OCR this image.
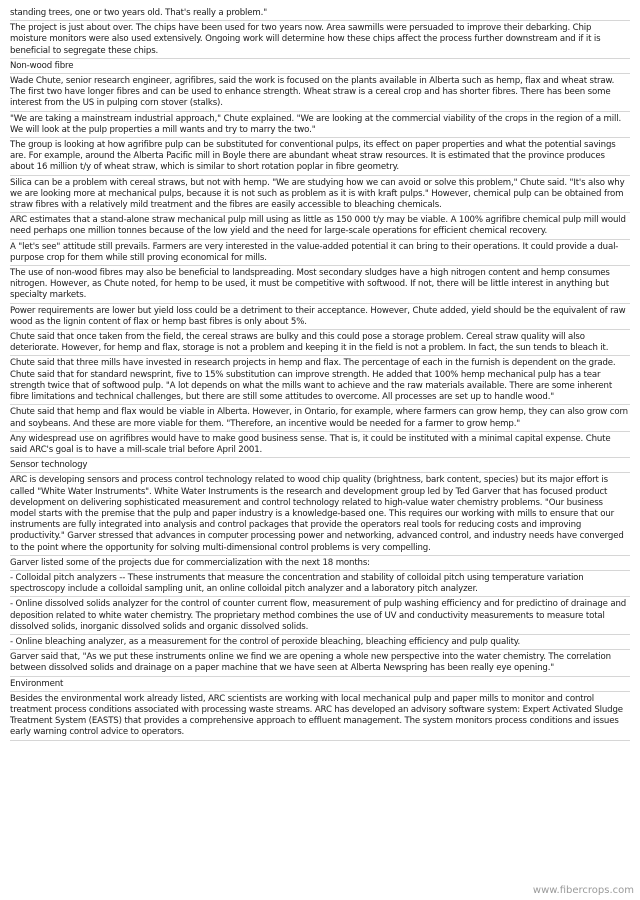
standing trees, one or two years old. That's really a problem."

The project is just about over. The chips have been used for two years now. Area sawmills were persuaded to improve their debarking. Chip moisture monitors were also used extensively. Ongoing work will determine how these chips affect the process further downstream and if it is beneficial to segregate these chips.

Non-wood fibre

Wade Chute, senior research engineer, agrifibres, said the work is focused on the plants available in Alberta such as hemp, flax and wheat straw. The first two have longer fibres and can be used to enhance strength. Wheat straw is a cereal crop and has shorter fibres. There has been some interest from the US in pulping corn stover (stalks).

"We are taking a mainstream industrial approach," Chute explained. "We are looking at the commercial viability of the crops in the region of a mill. We will look at the pulp properties a mill wants and try to marry the two."

The group is looking at how agrifibre pulp can be substituted for conventional pulps, its effect on paper properties and what the potential savings are. For example, around the Alberta Pacific mill in Boyle there are abundant wheat straw resources. It is estimated that the province produces about 16 million t/y of wheat straw, which is similar to short rotation poplar in fibre geometry.

Silica can be a problem with cereal straws, but not with hemp. "We are studying how we can avoid or solve this problem," Chute said. "It's also why we are looking more at mechanical pulps, because it is not such as problem as it is with kraft pulps." However, chemical pulp can be obtained from straw fibres with a relatively mild treatment and the fibres are easily accessible to bleaching chemicals.

ARC estimates that a stand-alone straw mechanical pulp mill using as little as 150 000 t/y may be viable. A 100% agrifibre chemical pulp mill would need perhaps one million tonnes because of the low yield and the need for large-scale operations for efficient chemical recovery.

A "let's see" attitude still prevails. Farmers are very interested in the value-added potential it can bring to their operations. It could provide a dual-purpose crop for them while still proving economical for mills.

The use of non-wood fibres may also be beneficial to landspreading. Most secondary sludges have a high nitrogen content and hemp consumes nitrogen. However, as Chute noted, for hemp to be used, it must be competitive with softwood. If not, there will be little interest in anything but specialty markets.

Power requirements are lower but yield loss could be a detriment to their acceptance. However, Chute added, yield should be the equivalent of raw wood as the lignin content of flax or hemp bast fibres is only about 5%.

Chute said that once taken from the field, the cereal straws are bulky and this could pose a storage problem. Cereal straw quality will also deteriorate. However, for hemp and flax, storage is not a problem and keeping it in the field is not a problem. In fact, the sun tends to bleach it.

Chute said that three mills have invested in research projects in hemp and flax. The percentage of each in the furnish is dependent on the grade. Chute said that for standard newsprint, five to 15% substitution can improve strength. He added that 100% hemp mechanical pulp has a tear strength twice that of softwood pulp. "A lot depends on what the mills want to achieve and the raw materials available. There are some inherent fibre limitations and technical challenges, but there are still some attitudes to overcome. All processes are set up to handle wood."

Chute said that hemp and flax would be viable in Alberta. However, in Ontario, for example, where farmers can grow hemp, they can also grow corn and soybeans. And these are more viable for them. "Therefore, an incentive would be needed for a farmer to grow hemp."

Any widespread use on agrifibres would have to make good business sense. That is, it could be instituted with a minimal capital expense. Chute said ARC's goal is to have a mill-scale trial before April 2001.

Sensor technology

ARC is developing sensors and process control technology related to wood chip quality (brightness, bark content, species) but its major effort is called "White Water Instruments". White Water Instruments is the research and development group led by Ted Garver that has focused product development on delivering sophisticated measurement and control technology related to high-value water chemistry problems. "Our business model starts with the premise that the pulp and paper industry is a knowledge-based one. This requires our working with mills to ensure that our instruments are fully integrated into analysis and control packages that provide the operators real tools for reducing costs and improving productivity." Garver stressed that advances in computer processing power and networking, advanced control, and industry needs have converged to the point where the opportunity for solving multi-dimensional control problems is very compelling.

Garver listed some of the projects due for commercialization with the next 18 months:

- Colloidal pitch analyzers -- These instruments that measure the concentration and stability of colloidal pitch using temperature variation spectroscopy include a colloidal sampling unit, an online colloidal pitch analyzer and a laboratory pitch analyzer.

- Online dissolved solids analyzer for the control of counter current flow, measurement of pulp washing efficiency and for predictino of drainage and deposition related to white water chemistry. The proprietary method combines the use of UV and conductivity measurements to measure total dissolved solids, inorganic dissolved solids and organic dissolved solids.

- Online bleaching analyzer, as a measurement for the control of peroxide bleaching, bleaching efficiency and pulp quality.

Garver said that, "As we put these instruments online we find we are opening a whole new perspective into the water chemistry. The correlation between dissolved solids and drainage on a paper machine that we have seen at Alberta Newspring has been really eye opening."

Environment

Besides the environmental work already listed, ARC scientists are working with local mechanical pulp and paper mills to monitor and control treatment process conditions associated with processing waste streams. ARC has developed an advisory software system: Expert Activated Sludge Treatment System (EASTS) that provides a comprehensive approach to effluent management. The system monitors process conditions and issues early warning control advice to operators.

www.fibercrops.com
